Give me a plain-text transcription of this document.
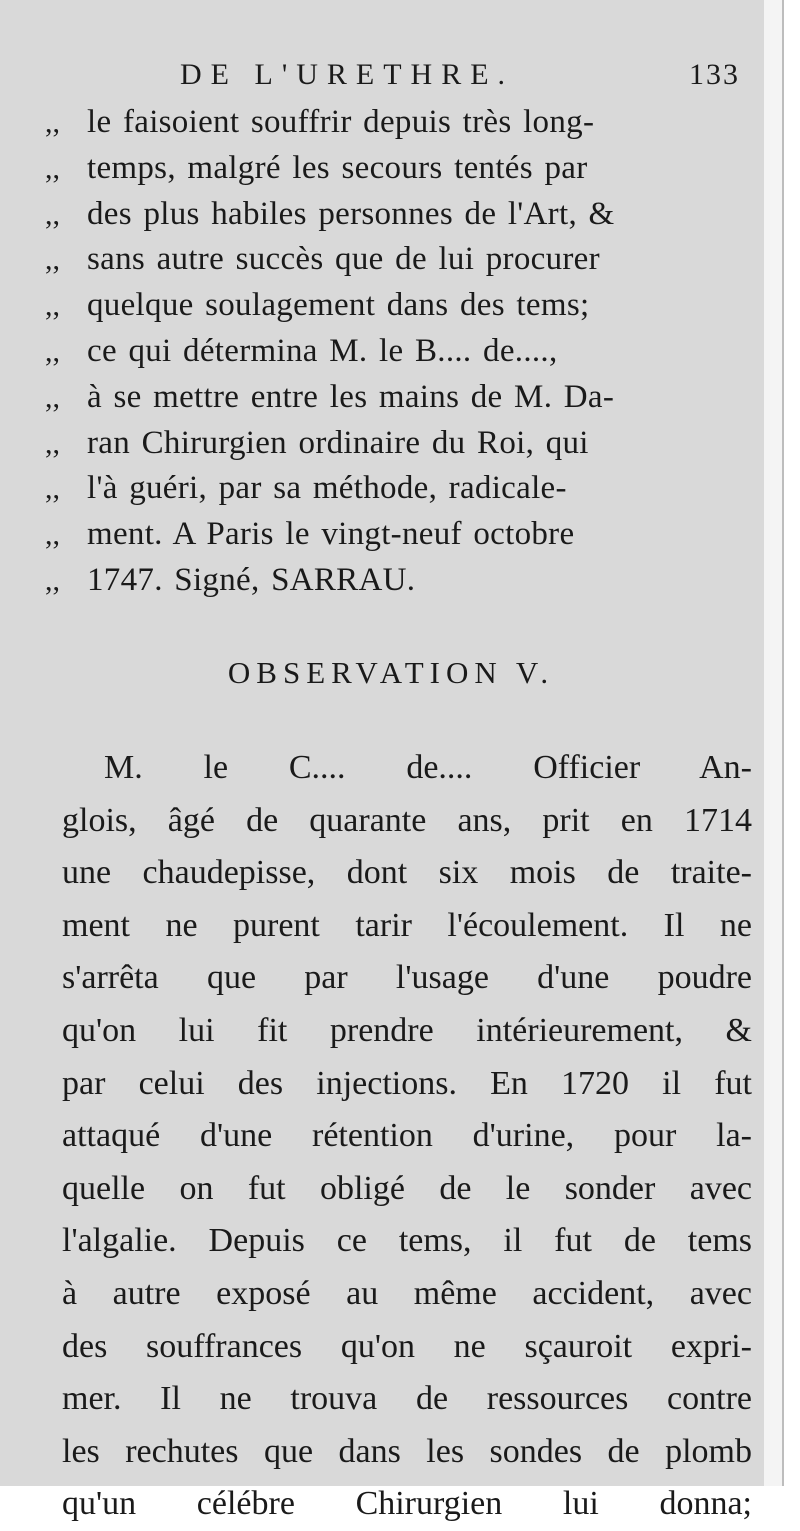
DE L'URETHRE.	133
,, le faisoient souffrir depuis très long-
,, temps, malgré les secours tentés par
,, des plus habiles personnes de l'Art, &
,, sans autre succès que de lui procurer
,, quelque soulagement dans des tems;
,, ce qui détermina M. le B.... de....,
,, à se mettre entre les mains de M. Da-
,, ran Chirurgien ordinaire du Roi, qui
,, l'à guéri, par sa méthode, radicale-
,, ment. A Paris le vingt-neuf octobre
,, 1747. Signé, SARRAU.
OBSERVATION V.
M. le C.... de.... Officier An-
glois, âgé de quarante ans, prit en 1714
une chaudepisse, dont six mois de traite-
ment ne purent tarir l'écoulement. Il ne
s'arrêta que par l'usage d'une poudre
qu'on lui fit prendre intérieurement, &
par celui des injections. En 1720 il fut
attaqué d'une rétention d'urine, pour la-
quelle on fut obligé de le sonder avec
l'algalie. Depuis ce tems, il fut de tems
à autre exposé au même accident, avec
des souffrances qu'on ne sçauroit expri-
mer. Il ne trouva de ressources contre
les rechutes que dans les sondes de plomb
qu'un célébre Chirurgien lui donna;
